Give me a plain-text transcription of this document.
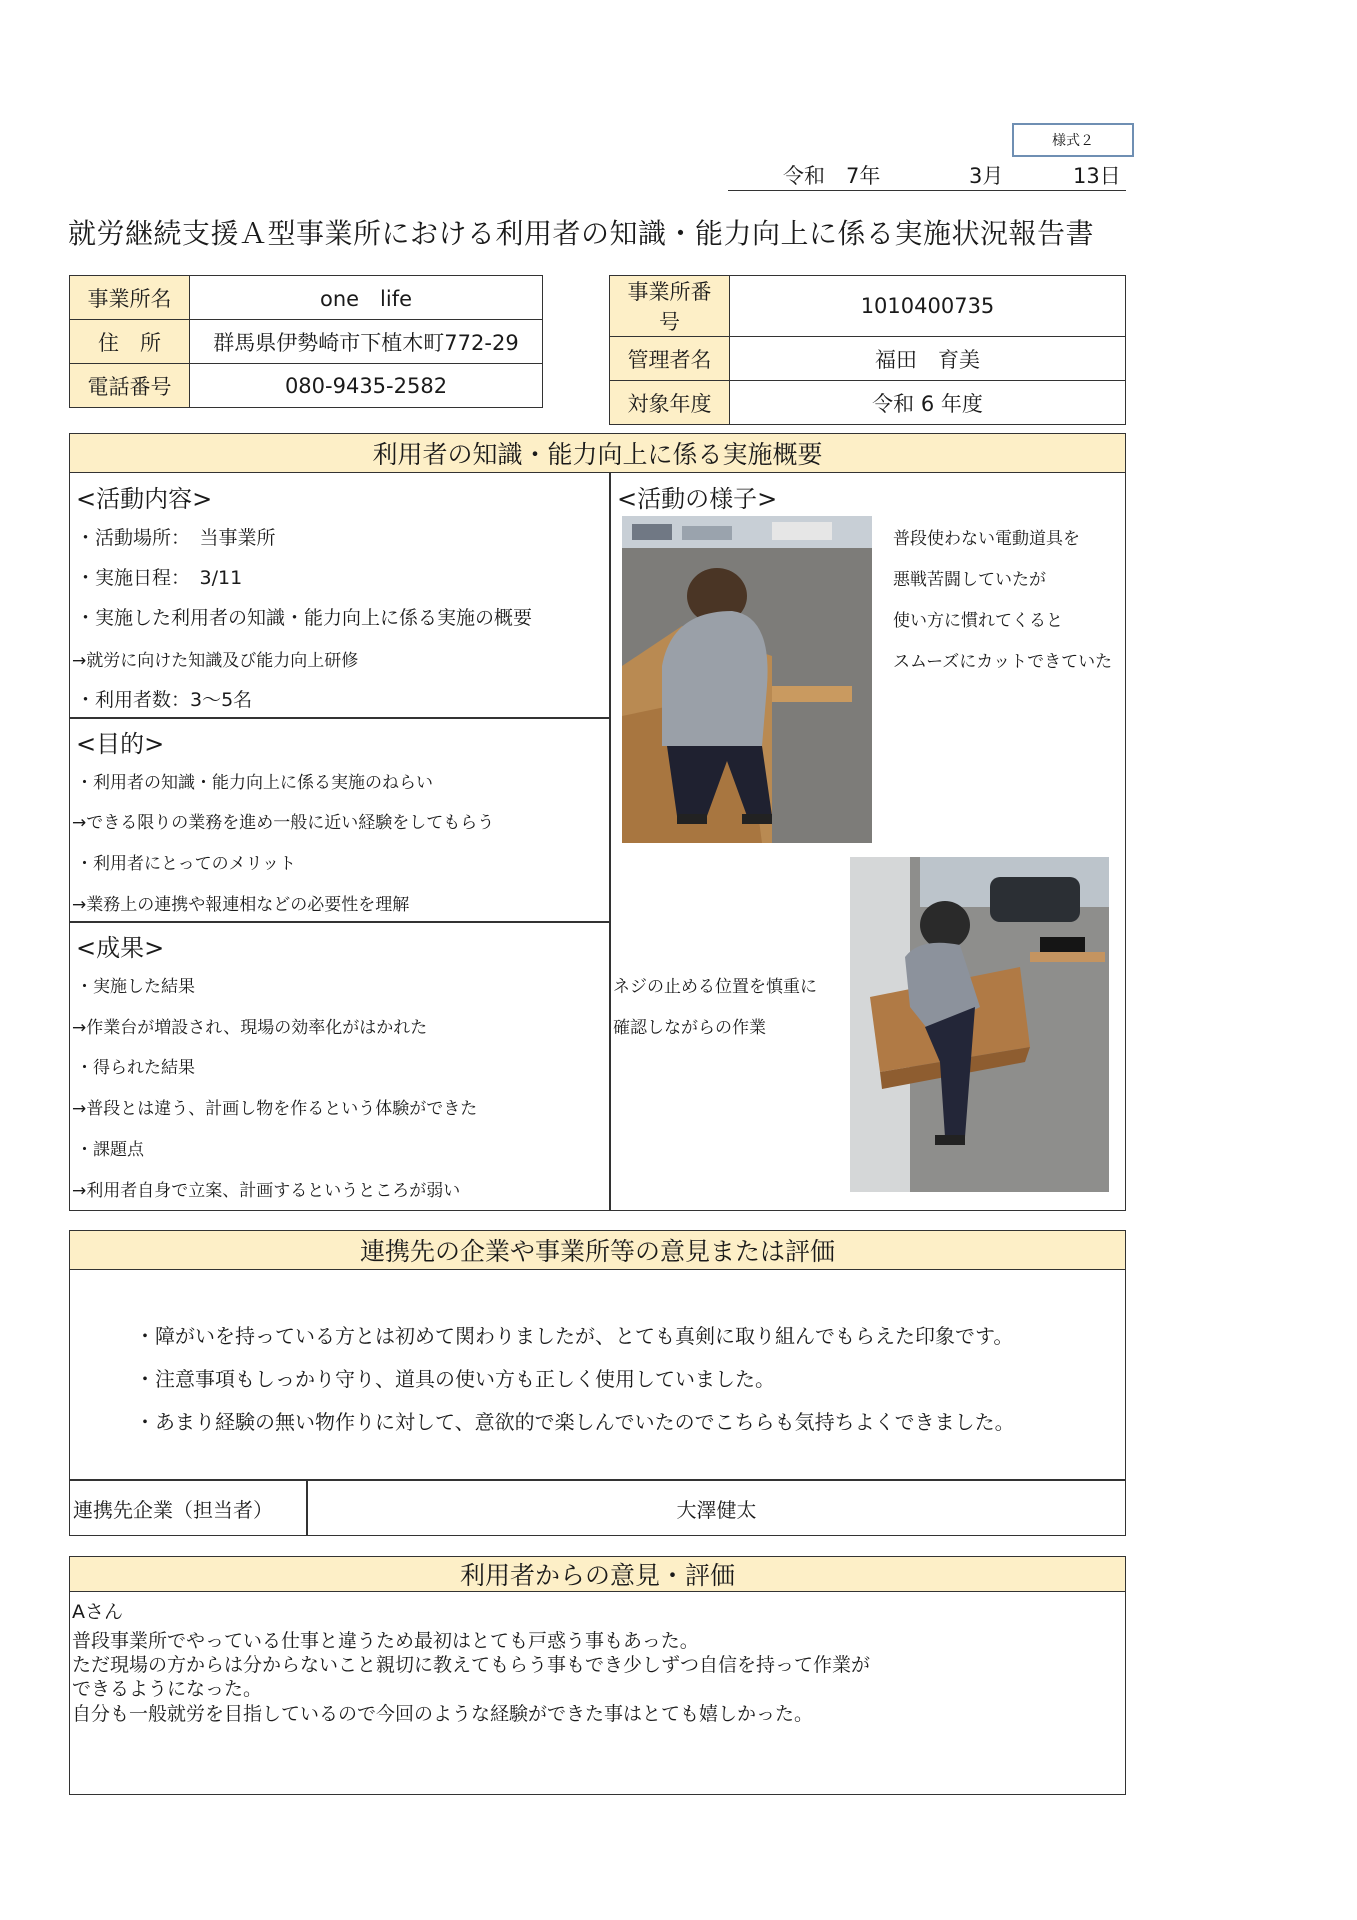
様式２
令和 7年	3月	13日
就労継続支援Ａ型事業所における利用者の知識・能力向上に係る実施状況報告書
事業所名	one　life
住　所	群馬県伊勢崎市下植木町772-29
電話番号	080-9435-2582
事業所番号	1010400735
管理者名	福田　育美
対象年度	令和 6 年度
利用者の知識・能力向上に係る実施概要
<活動内容>
・活動場所：　当事業所
・実施日程：　3/11
・実施した利用者の知識・能力向上に係る実施の概要
→就労に向けた知識及び能力向上研修
・利用者数：3～5名
<目的>
・利用者の知識・能力向上に係る実施のねらい
→できる限りの業務を進め一般に近い経験をしてもらう
・利用者にとってのメリット
→業務上の連携や報連相などの必要性を理解
<成果>
・実施した結果
→作業台が増設され、現場の効率化がはかれた
・得られた結果
→普段とは違う、計画し物を作るという体験ができた
・課題点
→利用者自身で立案、計画するというところが弱い
<活動の様子>
普段使わない電動道具を
悪戦苦闘していたが
使い方に慣れてくると
スムーズにカットできていた
ネジの止める位置を慎重に
確認しながらの作業
連携先の企業や事業所等の意見または評価
・障がいを持っている方とは初めて関わりましたが、とても真剣に取り組んでもらえた印象です。
・注意事項もしっかり守り、道具の使い方も正しく使用していました。
・あまり経験の無い物作りに対して、意欲的で楽しんでいたのでこちらも気持ちよくできました。
連携先企業（担当者）	大澤健太
利用者からの意見・評価
Aさん
普段事業所でやっている仕事と違うため最初はとても戸惑う事もあった。
ただ現場の方からは分からないこと親切に教えてもらう事もでき少しずつ自信を持って作業が
できるようになった。
自分も一般就労を目指しているので今回のような経験ができた事はとても嬉しかった。
